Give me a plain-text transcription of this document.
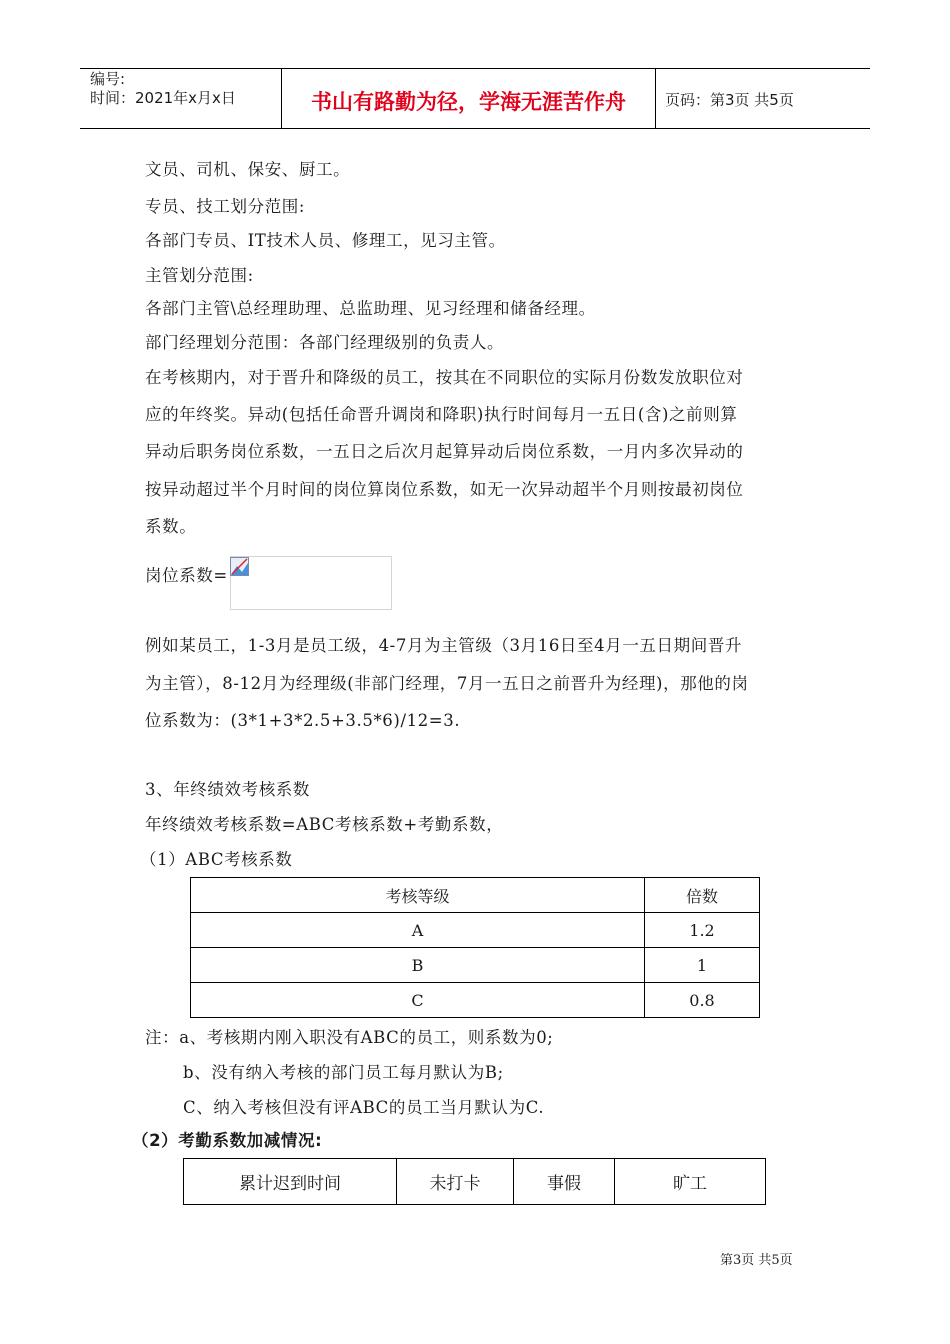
编号:
时间：2021年x月x日	书山有路勤为径，学海无涯苦作舟	页码：第3页 共5页
文员、司机、保安、厨工。
专员、技工划分范围:
各部门专员、IT技术人员、修理工，见习主管。
主管划分范围:
各部门主管\总经理助理、总监助理、见习经理和储备经理。
部门经理划分范围：各部门经理级别的负责人。
在考核期内，对于晋升和降级的员工，按其在不同职位的实际月份数发放职位对
应的年终奖。异动(包括任命晋升调岗和降职)执行时间每月一五日(含)之前则算
异动后职务岗位系数，一五日之后次月起算异动后岗位系数，一月内多次异动的
按异动超过半个月时间的岗位算岗位系数，如无一次异动超半个月则按最初岗位
系数。
岗位系数=
例如某员工，1-3月是员工级，4-7月为主管级（3月16日至4月一五日期间晋升
为主管），8-12月为经理级(非部门经理，7月一五日之前晋升为经理)，那他的岗
位系数为：(3*1+3*2.5+3.5*6)/12=3.
3、年终绩效考核系数
年终绩效考核系数=ABC考核系数+考勤系数，
（1）ABC考核系数
考核等级	倍数
A	1.2
B	1
C	0.8
注：a、考核期内刚入职没有ABC的员工，则系数为0;
b、没有纳入考核的部门员工每月默认为B;
C、纳入考核但没有评ABC的员工当月默认为C.
（2）考勤系数加减情况:
累计迟到时间	未打卡	事假	旷工
第3页 共5页
